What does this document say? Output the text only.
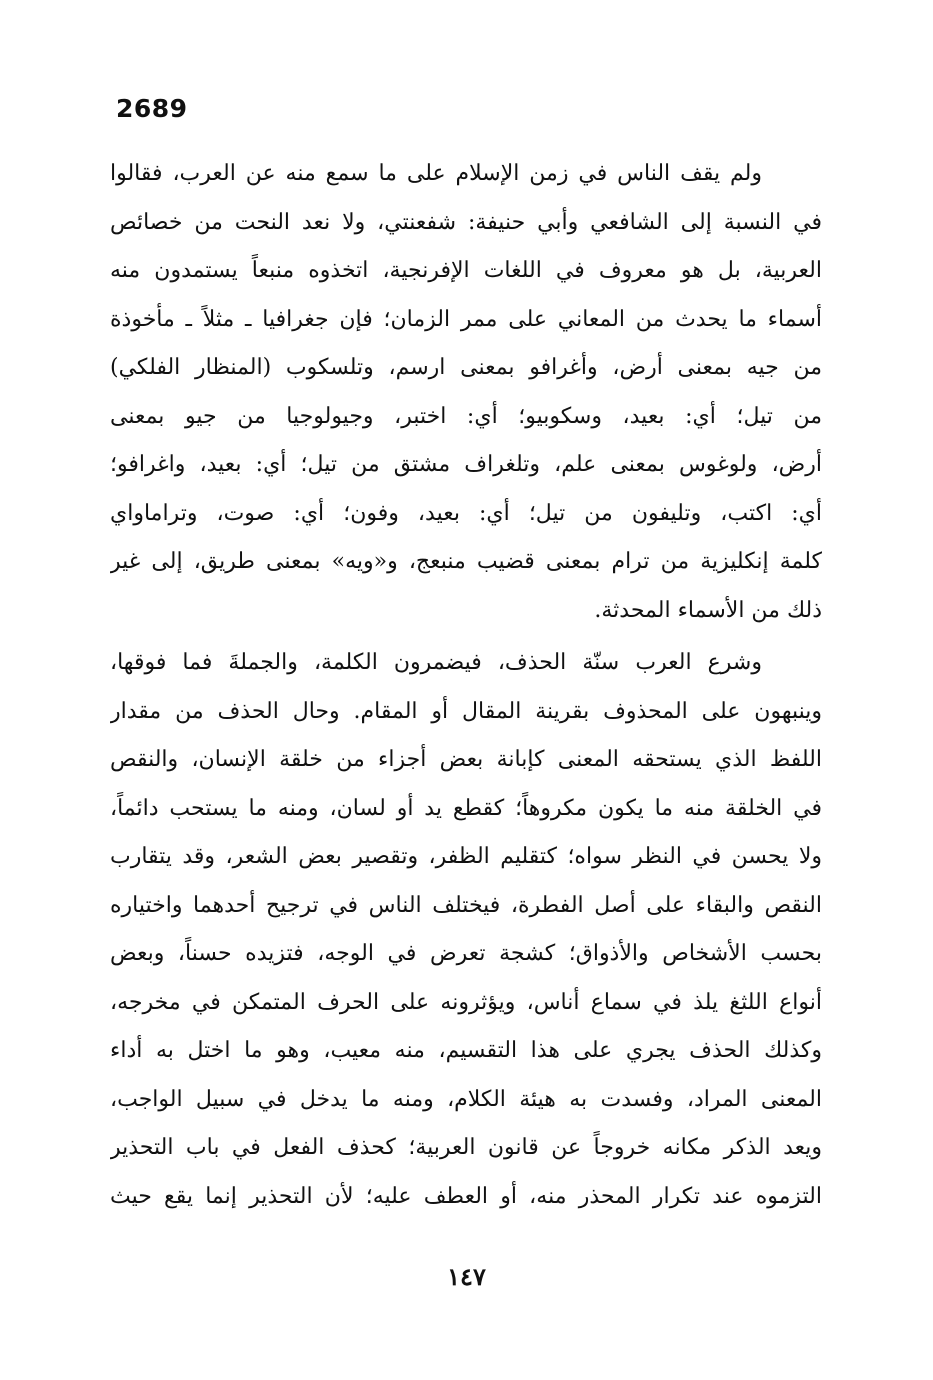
2689

ولم يقف الناس في زمن الإسلام على ما سمع منه عن العرب، فقالوا
في النسبة إلى الشافعي وأبي حنيفة: شفعنتي، ولا نعد النحت من خصائص
العربية، بل هو معروف في اللغات الإفرنجية، اتخذوه منبعاً يستمدون منه
أسماء ما يحدث من المعاني على ممر الزمان؛ فإن جغرافيا ـ مثلاً ـ مأخوذة
من جيه بمعنى أرض، وأغرافو بمعنى ارسم، وتلسكوب (المنظار الفلكي)
من تيل؛ أي: بعيد، وسكوبيو؛ أي: اختبر، وجيولوجيا من جيو بمعنى
أرض، ولوغوس بمعنى علم، وتلغراف مشتق من تيل؛ أي: بعيد، واغرافو؛
أي: اكتب، وتليفون من تيل؛ أي: بعيد، وفون؛ أي: صوت، وتراماواي
كلمة إنكليزية من ترام بمعنى قضيب منبعج، و«ويه» بمعنى طريق، إلى غير
ذلك من الأسماء المحدثة.

وشرع العرب سنّة الحذف، فيضمرون الكلمة، والجملةَ فما فوقها،
وينبهون على المحذوف بقرينة المقال أو المقام. وحال الحذف من مقدار
اللفظ الذي يستحقه المعنى كإبانة بعض أجزاء من خلقة الإنسان، والنقص
في الخلقة منه ما يكون مكروهاً؛ كقطع يد أو لسان، ومنه ما يستحب دائماً،
ولا يحسن في النظر سواه؛ كتقليم الظفر، وتقصير بعض الشعر، وقد يتقارب
النقص والبقاء على أصل الفطرة، فيختلف الناس في ترجيح أحدهما واختياره
بحسب الأشخاص والأذواق؛ كشجة تعرض في الوجه، فتزيده حسناً، وبعض
أنواع اللثغ يلذ في سماع أناس، ويؤثرونه على الحرف المتمكن في مخرجه،
وكذلك الحذف يجري على هذا التقسيم، منه معيب، وهو ما اختل به أداء
المعنى المراد، وفسدت به هيئة الكلام، ومنه ما يدخل في سبيل الواجب،
ويعد الذكر مكانه خروجاً عن قانون العربية؛ كحذف الفعل في باب التحذير
التزموه عند تكرار المحذر منه، أو العطف عليه؛ لأن التحذير إنما يقع حيث

١٤٧
